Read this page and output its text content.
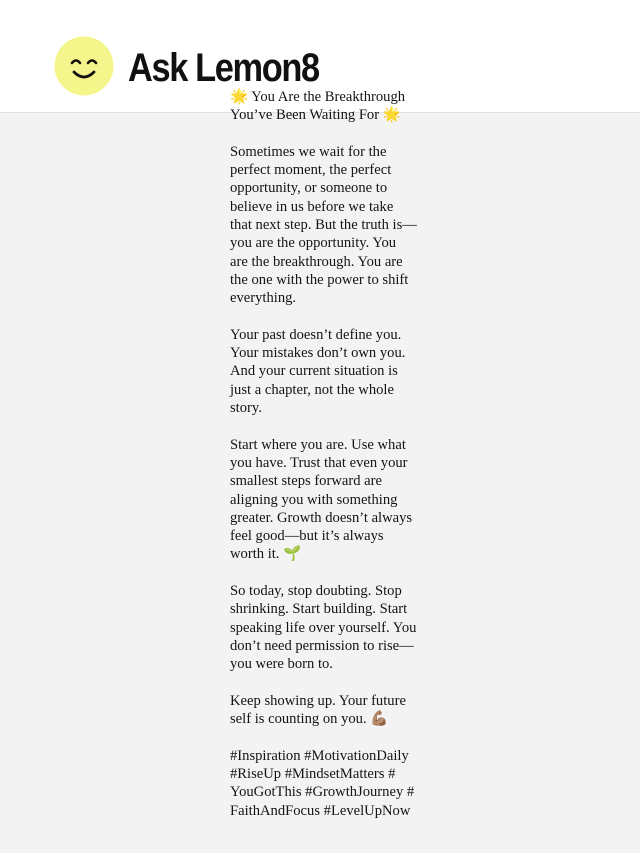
Ask Lemon8

🌟 You Are the Breakthrough
You’ve Been Waiting For 🌟

Sometimes we wait for the
perfect moment, the perfect
opportunity, or someone to
believe in us before we take
that next step. But the truth is—
you are the opportunity. You
are the breakthrough. You are
the one with the power to shift
everything.

Your past doesn’t define you.
Your mistakes don’t own you.
And your current situation is
just a chapter, not the whole
story.

Start where you are. Use what
you have. Trust that even your
smallest steps forward are
aligning you with something
greater. Growth doesn’t always
feel good—but it’s always
worth it. 🌱

So today, stop doubting. Stop
shrinking. Start building. Start
speaking life over yourself. You
don’t need permission to rise—
you were born to.

Keep showing up. Your future
self is counting on you. 💪🏽

#Inspiration #MotivationDaily
#RiseUp #MindsetMatters #
YouGotThis #GrowthJourney #
FaithAndFocus #LevelUpNow
